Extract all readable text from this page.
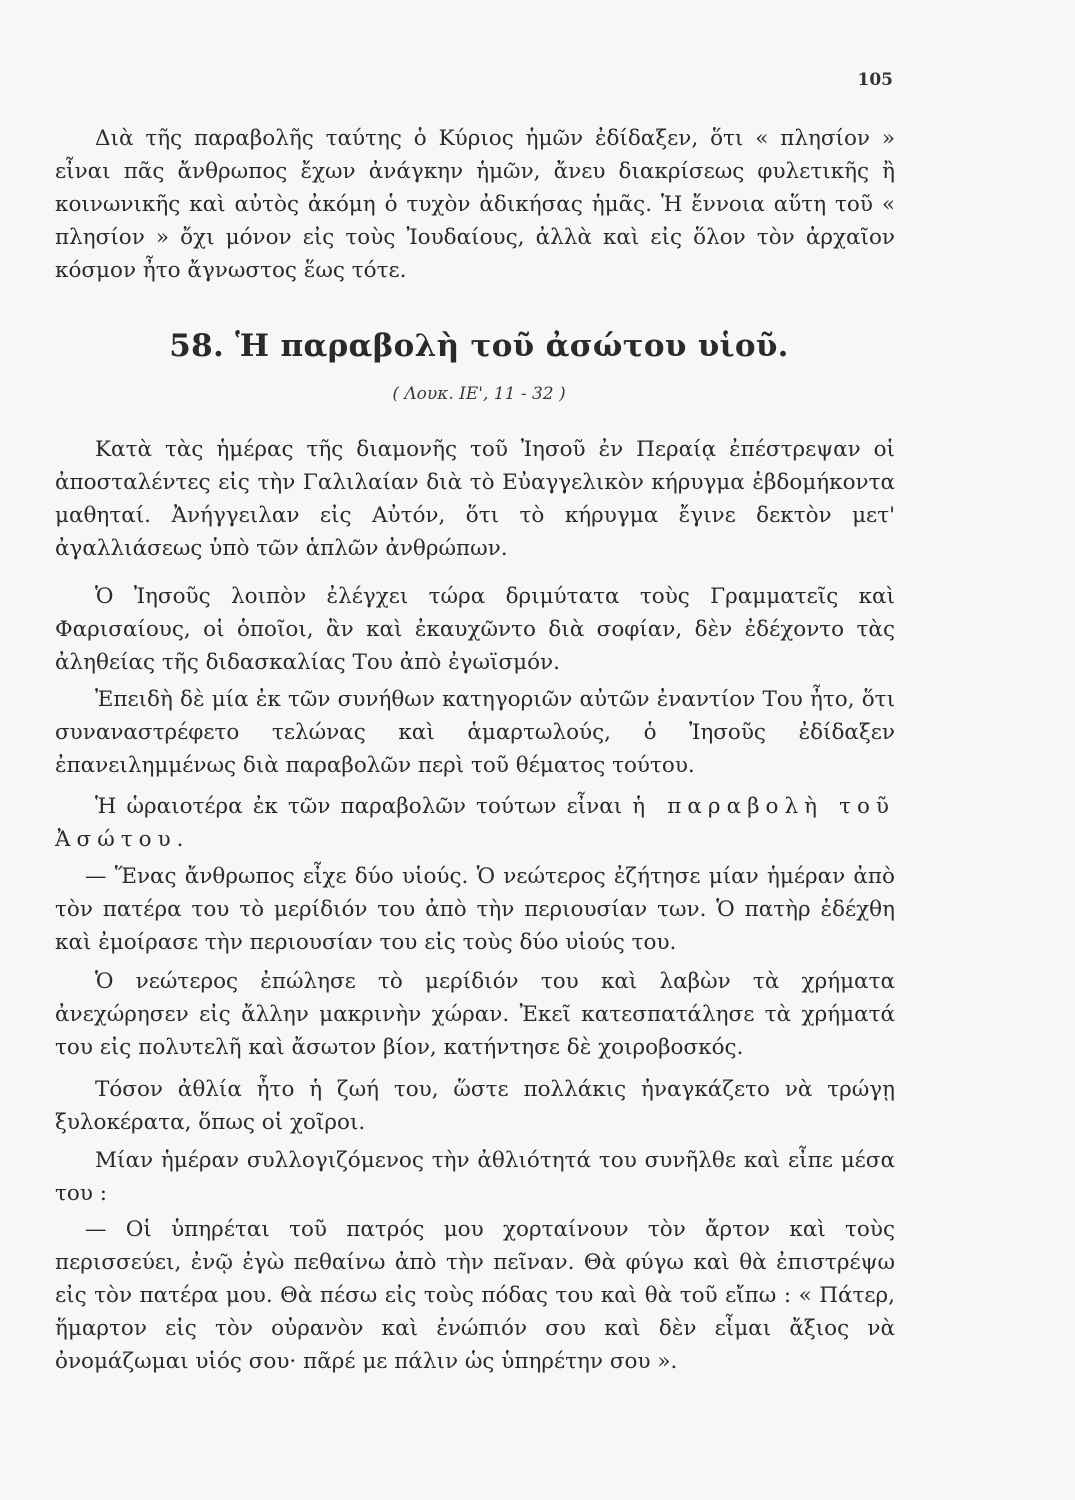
105
Διὰ τῆς παραβολῆς ταύτης ὁ Κύριος ἡμῶν ἐδίδαξεν, ὅτι « πλησίον » εἶναι πᾶς ἄνθρωπος ἔχων ἀνάγκην ἡμῶν, ἄνευ διακρίσεως φυλετικῆς ἢ κοινωνικῆς καὶ αὐτὸς ἀκόμη ὁ τυχὸν ἀδικήσας ἡμᾶς. Ἡ ἔννοια αὕτη τοῦ « πλησίον » ὄχι μόνον εἰς τοὺς Ἰουδαίους, ἀλλὰ καὶ εἰς ὅλον τὸν ἀρχαῖον κόσμον ἦτο ἄγνωστος ἕως τότε.
58. Ἡ παραβολὴ τοῦ ἀσώτου υἱοῦ.
( Λουκ. ΙΕ', 11 - 32 )
Κατὰ τὰς ἡμέρας τῆς διαμονῆς τοῦ Ἰησοῦ ἐν Περαίᾳ ἐπέστρεψαν οἱ ἀποσταλέντες εἰς τὴν Γαλιλαίαν διὰ τὸ Εὐαγγελικὸν κήρυγμα ἑβδομήκοντα μαθηταί. Ἀνήγγειλαν εἰς Αὐτόν, ὅτι τὸ κήρυγμα ἔγινε δεκτὸν μετ' ἀγαλλιάσεως ὑπὸ τῶν ἁπλῶν ἀνθρώπων.
Ὁ Ἰησοῦς λοιπὸν ἐλέγχει τώρα δριμύτατα τοὺς Γραμματεῖς καὶ Φαρισαίους, οἱ ὁποῖοι, ἂν καὶ ἐκαυχῶντο διὰ σοφίαν, δὲν ἐδέχοντο τὰς ἀληθείας τῆς διδασκαλίας Του ἀπὸ ἐγωϊσμόν.
Ἐπειδὴ δὲ μία ἐκ τῶν συνήθων κατηγοριῶν αὐτῶν ἐναντίον Του ἦτο, ὅτι συναναστρέφετο τελώνας καὶ ἁμαρτωλούς, ὁ Ἰησοῦς ἐδίδαξεν ἐπανειλημμένως διὰ παραβολῶν περὶ τοῦ θέματος τούτου.
Ἡ ὡραιοτέρα ἐκ τῶν παραβολῶν τούτων εἶναι ἡ παραβολὴ τοῦ Ἀσώτου.
— Ἕνας ἄνθρωπος εἶχε δύο υἱούς. Ὁ νεώτερος ἐζήτησε μίαν ἡμέραν ἀπὸ τὸν πατέρα του τὸ μερίδιόν του ἀπὸ τὴν περιουσίαν των. Ὁ πατὴρ ἐδέχθη καὶ ἐμοίρασε τὴν περιουσίαν του εἰς τοὺς δύο υἱούς του.
Ὁ νεώτερος ἐπώλησε τὸ μερίδιόν του καὶ λαβὼν τὰ χρήματα ἀνεχώρησεν εἰς ἄλλην μακρινὴν χώραν. Ἐκεῖ κατεσπατάλησε τὰ χρήματά του εἰς πολυτελῆ καὶ ἄσωτον βίον, κατήντησε δὲ χοιροβοσκός.
Τόσον ἀθλία ἦτο ἡ ζωή του, ὥστε πολλάκις ἠναγκάζετο νὰ τρώγῃ ξυλοκέρατα, ὅπως οἱ χοῖροι.
Μίαν ἡμέραν συλλογιζόμενος τὴν ἀθλιότητά του συνῆλθε καὶ εἶπε μέσα του :
— Οἱ ὑπηρέται τοῦ πατρός μου χορταίνουν τὸν ἄρτον καὶ τοὺς περισσεύει, ἐνῷ ἐγὼ πεθαίνω ἀπὸ τὴν πεῖναν. Θὰ φύγω καὶ θὰ ἐπιστρέψω εἰς τὸν πατέρα μου. Θὰ πέσω εἰς τοὺς πόδας του καὶ θὰ τοῦ εἴπω : « Πάτερ, ἥμαρτον εἰς τὸν οὐρανὸν καὶ ἐνώπιόν σου καὶ δὲν εἶμαι ἄξιος νὰ ὀνομάζωμαι υἱός σου· πᾶρέ με πάλιν ὡς ὑπηρέτην σου ».
